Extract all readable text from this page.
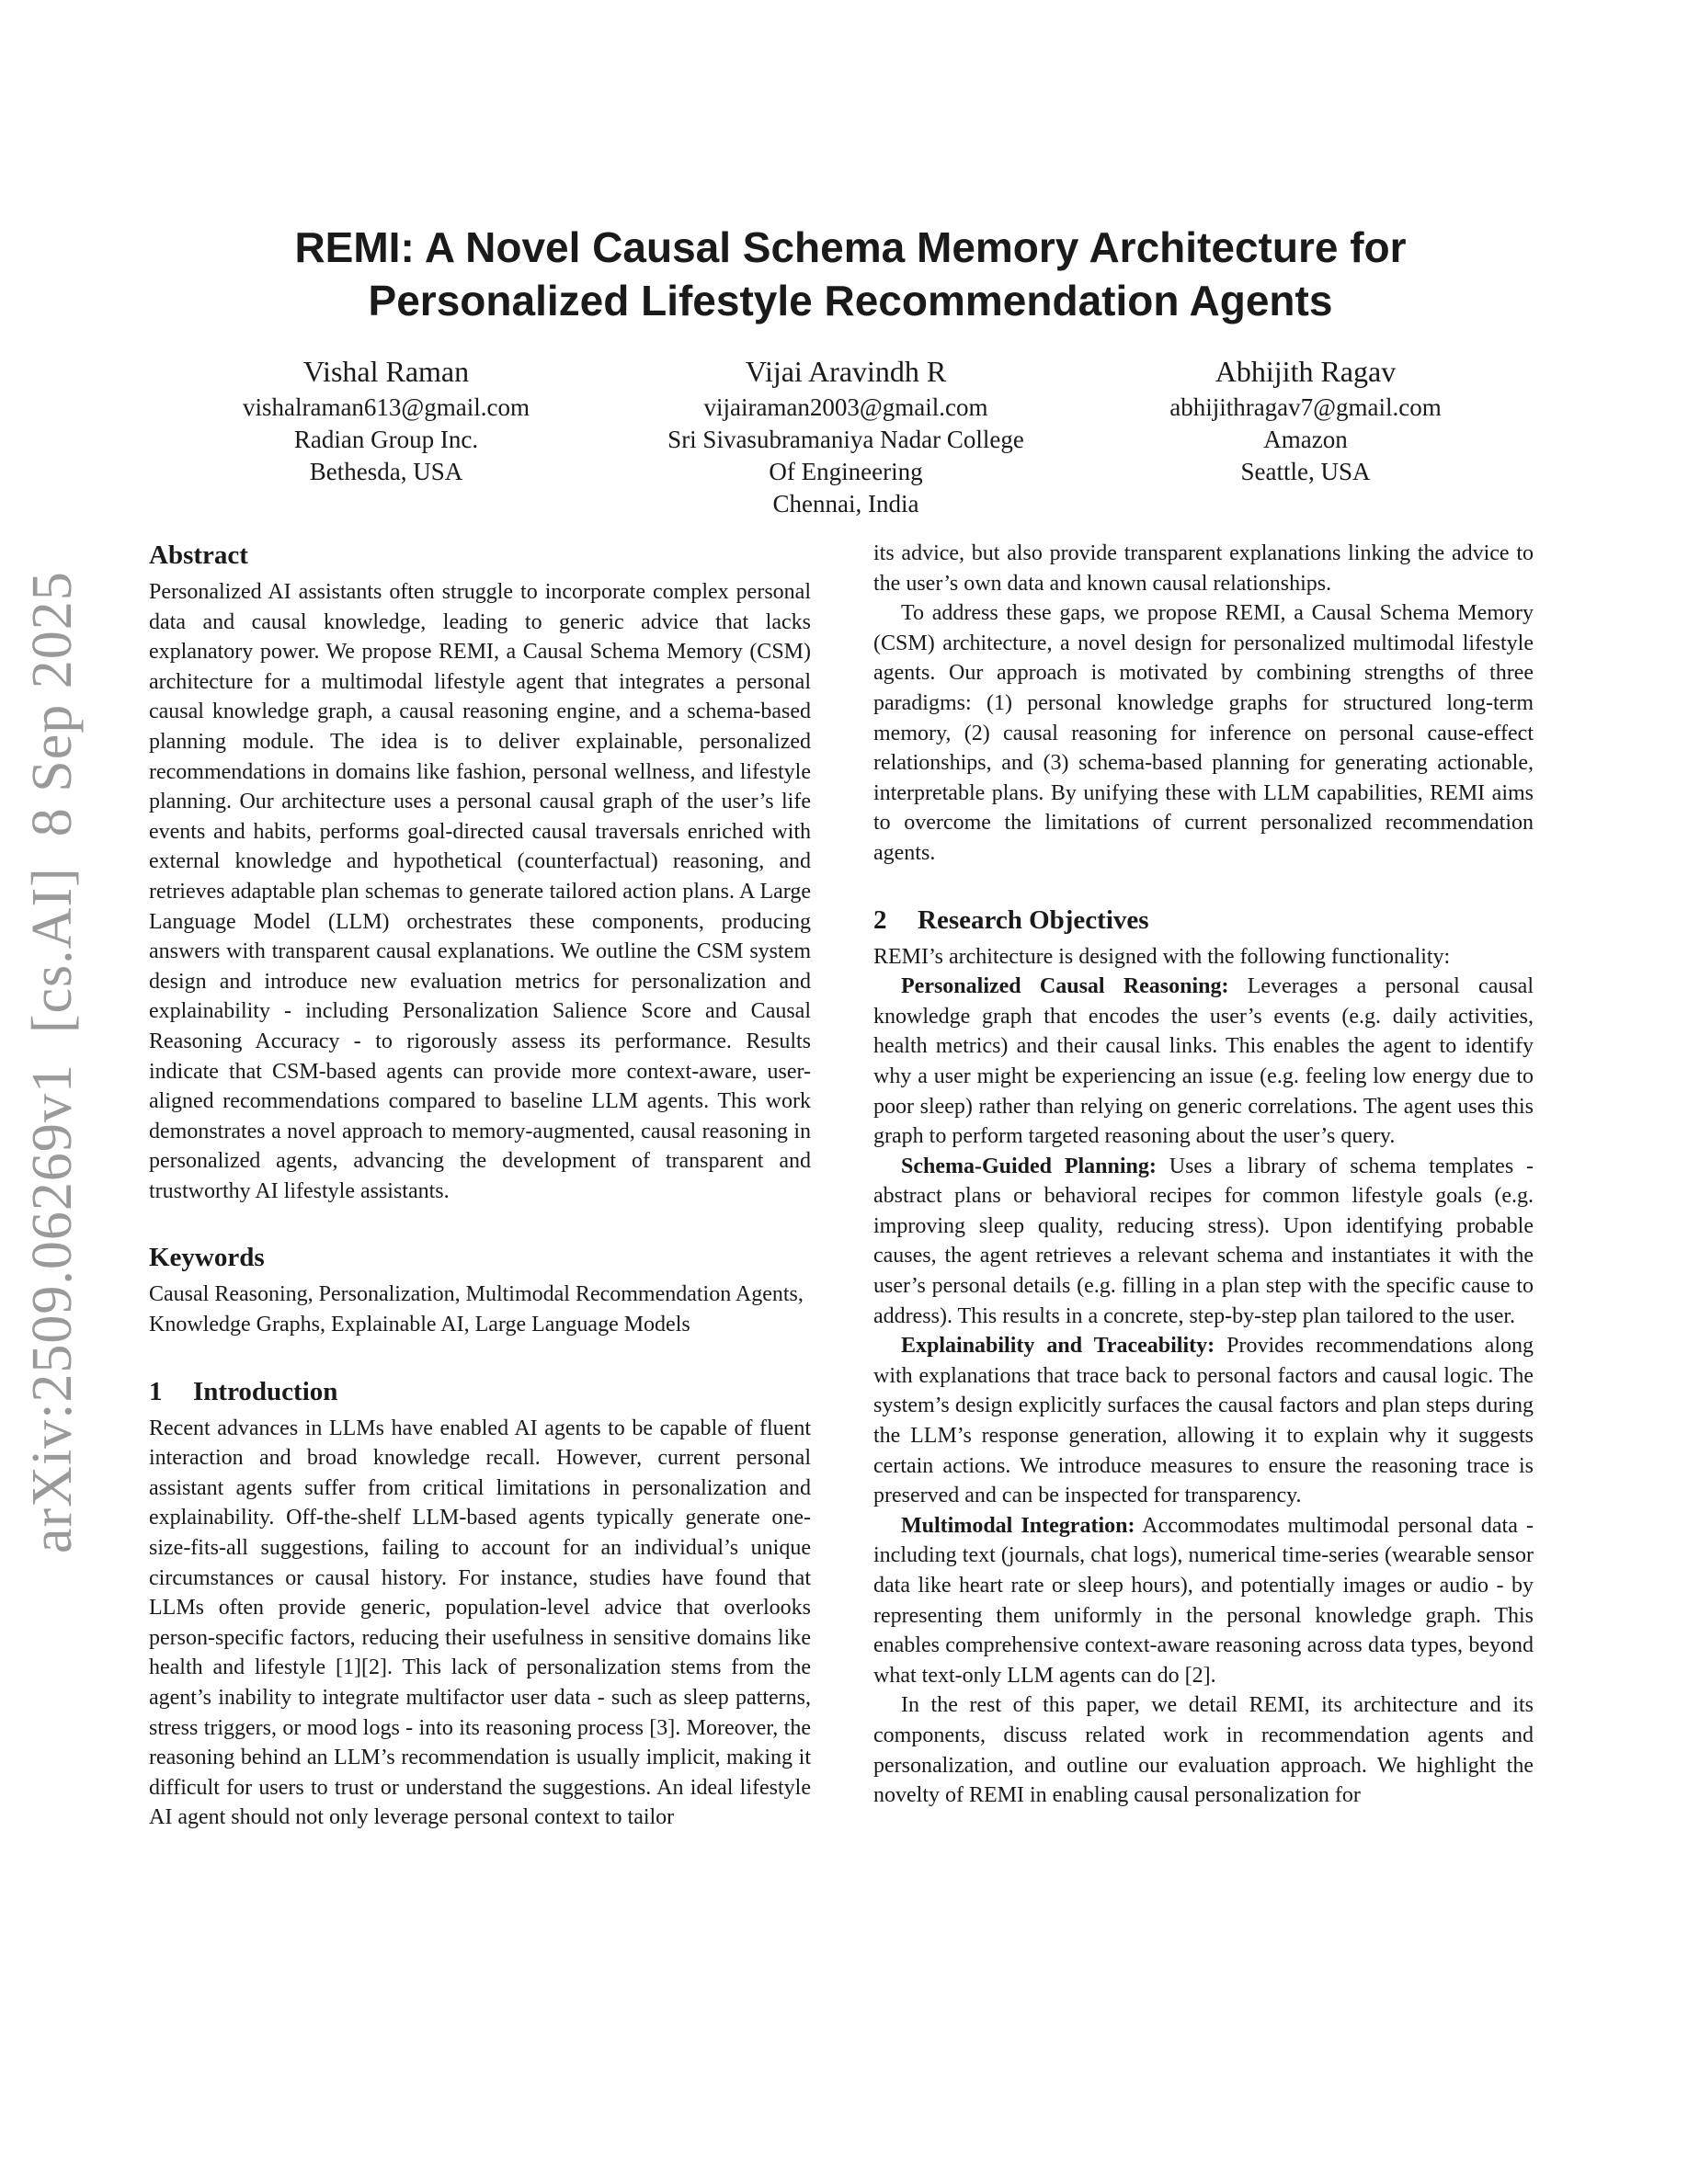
arXiv:2509.06269v1  [cs.AI]  8 Sep 2025
REMI: A Novel Causal Schema Memory Architecture for
Personalized Lifestyle Recommendation Agents
Vishal Raman
vishalraman613@gmail.com
Radian Group Inc.
Bethesda, USA
Vijai Aravindh R
vijairaman2003@gmail.com
Sri Sivasubramaniya Nadar College
Of Engineering
Chennai, India
Abhijith Ragav
abhijithragav7@gmail.com
Amazon
Seattle, USA
Abstract

Personalized AI assistants often struggle to incorporate complex personal data and causal knowledge, leading to generic advice that lacks explanatory power. We propose REMI, a Causal Schema Memory (CSM) architecture for a multimodal lifestyle agent that integrates a personal causal knowledge graph, a causal reasoning engine, and a schema-based planning module. The idea is to deliver explainable, personalized recommendations in domains like fashion, personal wellness, and lifestyle planning. Our architecture uses a personal causal graph of the user’s life events and habits, performs goal-directed causal traversals enriched with external knowledge and hypothetical (counterfactual) reasoning, and retrieves adaptable plan schemas to generate tailored action plans. A Large Language Model (LLM) orchestrates these components, producing answers with transparent causal explanations. We outline the CSM system design and introduce new evaluation metrics for personalization and explainability - including Personalization Salience Score and Causal Reasoning Accuracy - to rigorously assess its performance. Results indicate that CSM-based agents can provide more context-aware, user-aligned recommendations compared to baseline LLM agents. This work demonstrates a novel approach to memory-augmented, causal reasoning in personalized agents, advancing the development of transparent and trustworthy AI lifestyle assistants.

Keywords

Causal Reasoning, Personalization, Multimodal Recommendation Agents, Knowledge Graphs, Explainable AI, Large Language Models

1 Introduction

Recent advances in LLMs have enabled AI agents to be capable of fluent interaction and broad knowledge recall. However, current personal assistant agents suffer from critical limitations in personalization and explainability. Off-the-shelf LLM-based agents typically generate one-size-fits-all suggestions, failing to account for an individual’s unique circumstances or causal history. For instance, studies have found that LLMs often provide generic, population-level advice that overlooks person-specific factors, reducing their usefulness in sensitive domains like health and lifestyle [1][2]. This lack of personalization stems from the agent’s inability to integrate multifactor user data - such as sleep patterns, stress triggers, or mood logs - into its reasoning process [3]. Moreover, the reasoning behind an LLM’s recommendation is usually implicit, making it difficult for users to trust or understand the suggestions. An ideal lifestyle AI agent should not only leverage personal context to tailor

its advice, but also provide transparent explanations linking the advice to the user’s own data and known causal relationships.

To address these gaps, we propose REMI, a Causal Schema Memory (CSM) architecture, a novel design for personalized multimodal lifestyle agents. Our approach is motivated by combining strengths of three paradigms: (1) personal knowledge graphs for structured long-term memory, (2) causal reasoning for inference on personal cause-effect relationships, and (3) schema-based planning for generating actionable, interpretable plans. By unifying these with LLM capabilities, REMI aims to overcome the limitations of current personalized recommendation agents.

2 Research Objectives

REMI’s architecture is designed with the following functionality:

Personalized Causal Reasoning: Leverages a personal causal knowledge graph that encodes the user’s events (e.g. daily activities, health metrics) and their causal links. This enables the agent to identify why a user might be experiencing an issue (e.g. feeling low energy due to poor sleep) rather than relying on generic correlations. The agent uses this graph to perform targeted reasoning about the user’s query.

Schema-Guided Planning: Uses a library of schema templates - abstract plans or behavioral recipes for common lifestyle goals (e.g. improving sleep quality, reducing stress). Upon identifying probable causes, the agent retrieves a relevant schema and instantiates it with the user’s personal details (e.g. filling in a plan step with the specific cause to address). This results in a concrete, step-by-step plan tailored to the user.

Explainability and Traceability: Provides recommendations along with explanations that trace back to personal factors and causal logic. The system’s design explicitly surfaces the causal factors and plan steps during the LLM’s response generation, allowing it to explain why it suggests certain actions. We introduce measures to ensure the reasoning trace is preserved and can be inspected for transparency.

Multimodal Integration: Accommodates multimodal personal data - including text (journals, chat logs), numerical time-series (wearable sensor data like heart rate or sleep hours), and potentially images or audio - by representing them uniformly in the personal knowledge graph. This enables comprehensive context-aware reasoning across data types, beyond what text-only LLM agents can do [2].

In the rest of this paper, we detail REMI, its architecture and its components, discuss related work in recommendation agents and personalization, and outline our evaluation approach. We highlight the novelty of REMI in enabling causal personalization for
